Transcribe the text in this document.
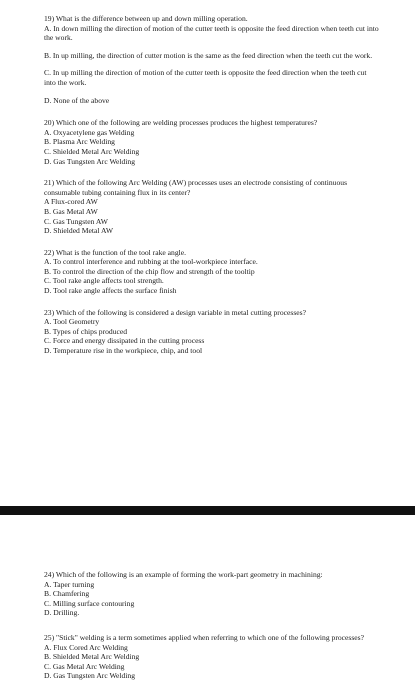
19) What is the difference between up and down milling operation.

A. In down milling the direction of motion of the cutter teeth is opposite the feed direction when teeth cut into the work.

B. In up milling, the direction of cutter motion is the same as the feed direction when the teeth cut the work.

C. In up milling the direction of motion of the cutter teeth is opposite the feed direction when the teeth cut into the work.

D. None of the above

20) Which one of the following are welding processes produces the highest temperatures?

A. Oxyacetylene gas Welding

B. Plasma Arc Welding

C. Shielded Metal Arc Welding

D. Gas Tungsten Arc Welding

21) Which of the following Arc Welding (AW) processes uses an electrode consisting of continuous consumable tubing containing flux in its center?

A Flux-cored AW

B. Gas Metal AW

C. Gas Tungsten AW

D. Shielded Metal AW

22) What is the function of the tool rake angle.

A. To control interference and rubbing at the tool-workpiece interface.

B. To control the direction of the chip flow and strength of the tooltip

C. Tool rake angle affects tool strength.

D. Tool rake angle affects the surface finish

23) Which of the following is considered a design variable in metal cutting processes?

A. Tool Geometry

B. Types of chips produced

C. Force and energy dissipated in the cutting process

D. Temperature rise in the workpiece, chip, and tool

24) Which of the following is an example of forming the work-part geometry in machining:

A. Taper turning

B. Chamfering

C. Milling surface contouring

D. Drilling.

25) "Stick" welding is a term sometimes applied when referring to which one of the following processes?

A. Flux Cored Arc Welding

B. Shielded Metal Arc Welding

C. Gas Metal Arc Welding

D. Gas Tungsten Arc Welding
